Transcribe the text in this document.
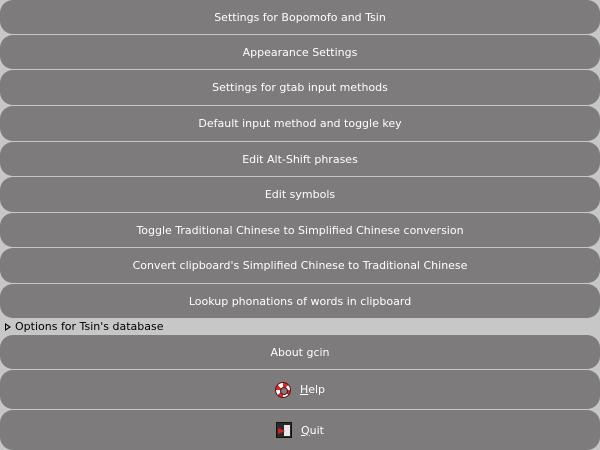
Settings for Bopomofo and Tsin
Appearance Settings
Settings for gtab input methods
Default input method and toggle key
Edit Alt-Shift phrases
Edit symbols
Toggle Traditional Chinese to Simplified Chinese conversion
Convert clipboard's Simplified Chinese to Traditional Chinese
Lookup phonations of words in clipboard
Options for Tsin's database
About gcin
Help
Quit
